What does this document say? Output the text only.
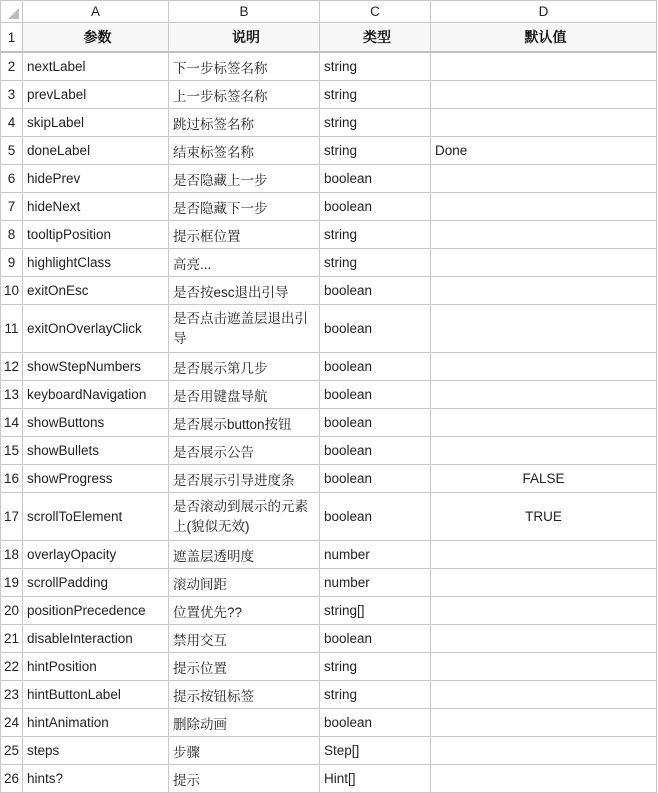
	A	B	C	D
1	参数	说明	类型	默认值
2	nextLabel	下一步标签名称	string	
3	prevLabel	上一步标签名称	string	
4	skipLabel	跳过标签名称	string	
5	doneLabel	结束标签名称	string	Done
6	hidePrev	是否隐藏上一步	boolean	
7	hideNext	是否隐藏下一步	boolean	
8	tooltipPosition	提示框位置	string	
9	highlightClass	高亮...	string	
10	exitOnEsc	是否按esc退出引导	boolean	
11	exitOnOverlayClick	是否点击遮盖层退出引导	boolean	
12	showStepNumbers	是否展示第几步	boolean	
13	keyboardNavigation	是否用键盘导航	boolean	
14	showButtons	是否展示button按钮	boolean	
15	showBullets	是否展示公告	boolean	
16	showProgress	是否展示引导进度条	boolean	FALSE
17	scrollToElement	是否滚动到展示的元素上(貌似无效)	boolean	TRUE
18	overlayOpacity	遮盖层透明度	number	
19	scrollPadding	滚动间距	number	
20	positionPrecedence	位置优先??	string[]	
21	disableInteraction	禁用交互	boolean	
22	hintPosition	提示位置	string	
23	hintButtonLabel	提示按钮标签	string	
24	hintAnimation	删除动画	boolean	
25	steps	步骤	Step[]	
26	hints?	提示	Hint[]	
